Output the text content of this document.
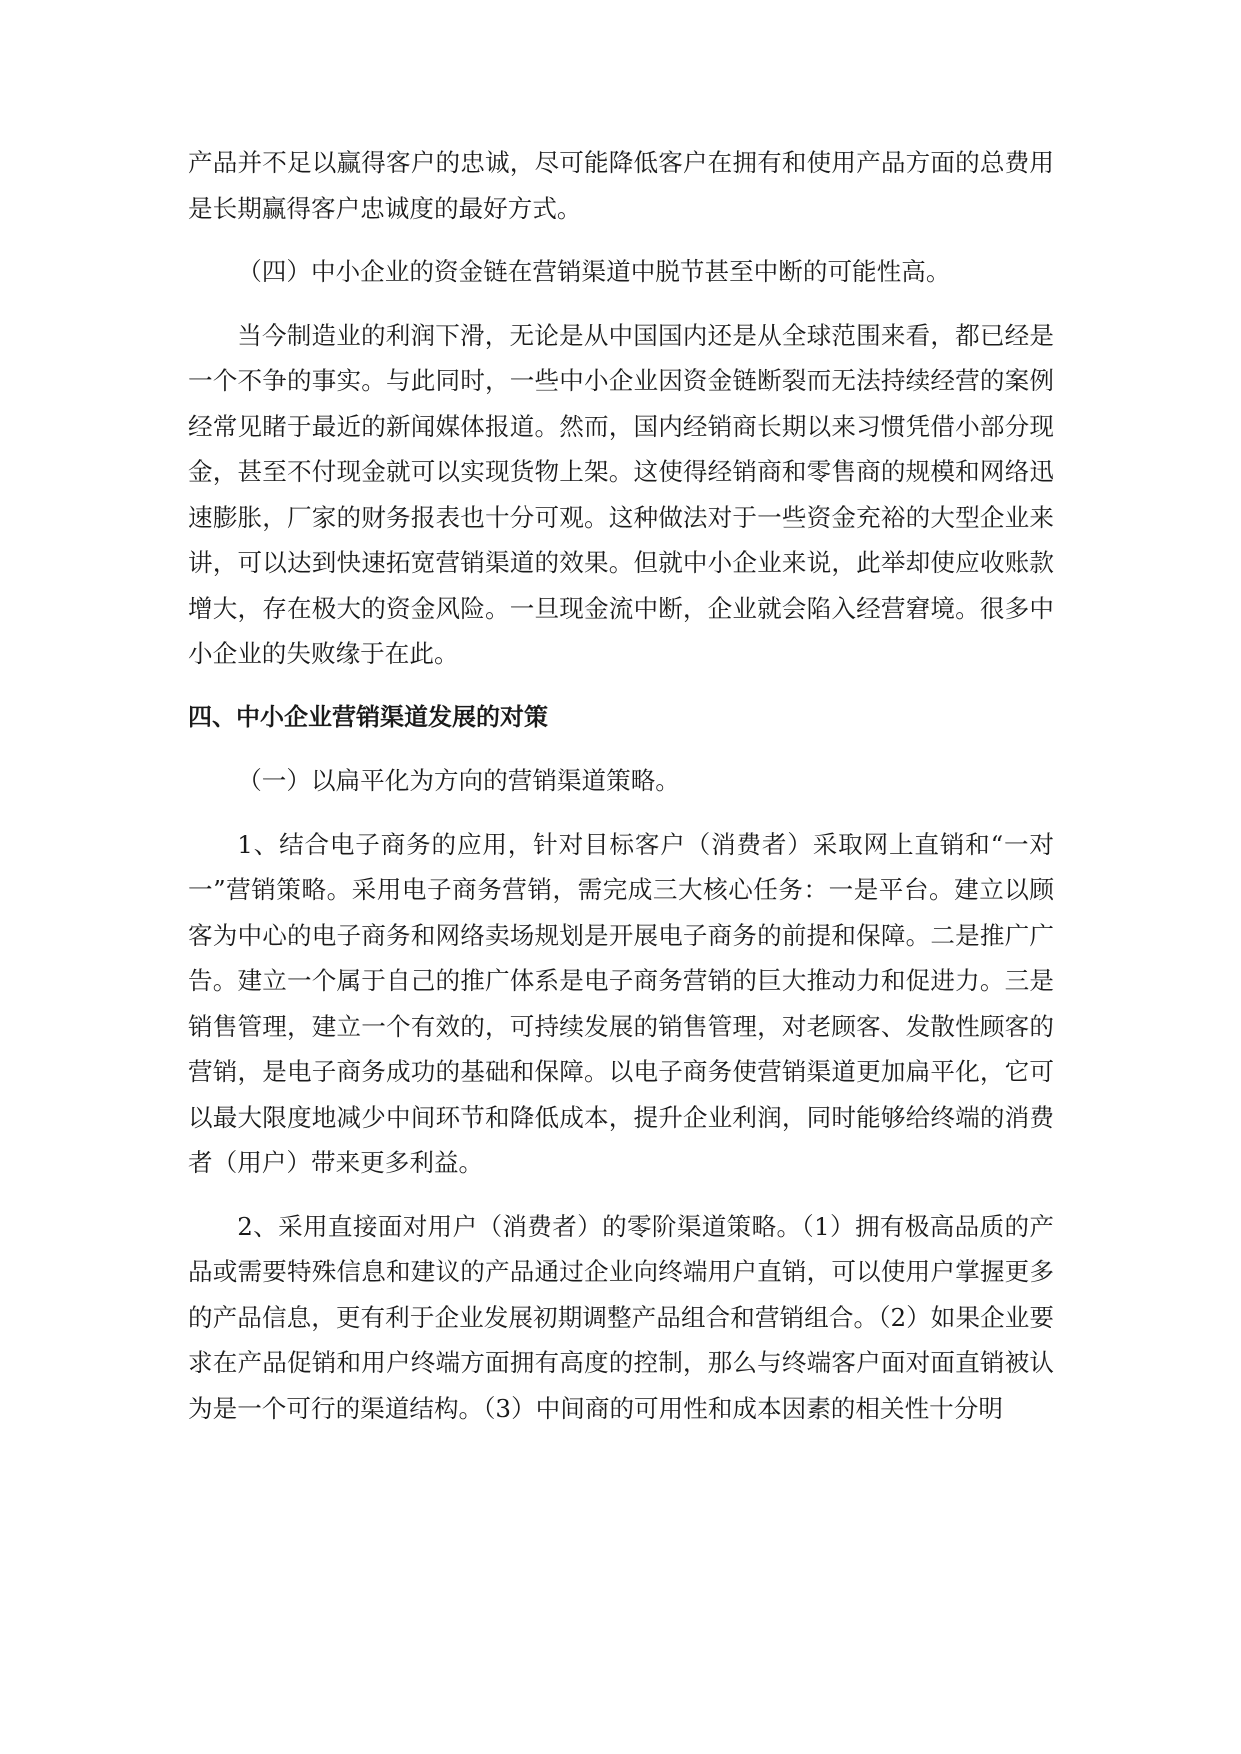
产品并不足以赢得客户的忠诚，尽可能降低客户在拥有和使用产品方面的总费用是长期赢得客户忠诚度的最好方式。

（四）中小企业的资金链在营销渠道中脱节甚至中断的可能性高。

当今制造业的利润下滑，无论是从中国国内还是从全球范围来看，都已经是一个不争的事实。与此同时，一些中小企业因资金链断裂而无法持续经营的案例经常见睹于最近的新闻媒体报道。然而，国内经销商长期以来习惯凭借小部分现金，甚至不付现金就可以实现货物上架。这使得经销商和零售商的规模和网络迅速膨胀，厂家的财务报表也十分可观。这种做法对于一些资金充裕的大型企业来讲，可以达到快速拓宽营销渠道的效果。但就中小企业来说，此举却使应收账款增大，存在极大的资金风险。一旦现金流中断，企业就会陷入经营窘境。很多中小企业的失败缘于在此。

四、中小企业营销渠道发展的对策

（一）以扁平化为方向的营销渠道策略。

1、结合电子商务的应用，针对目标客户（消费者）采取网上直销和“一对一”营销策略。采用电子商务营销，需完成三大核心任务：一是平台。建立以顾客为中心的电子商务和网络卖场规划是开展电子商务的前提和保障。二是推广广告。建立一个属于自己的推广体系是电子商务营销的巨大推动力和促进力。三是销售管理，建立一个有效的，可持续发展的销售管理，对老顾客、发散性顾客的营销，是电子商务成功的基础和保障。以电子商务使营销渠道更加扁平化，它可以最大限度地减少中间环节和降低成本，提升企业利润，同时能够给终端的消费者（用户）带来更多利益。

2、采用直接面对用户（消费者）的零阶渠道策略。（1）拥有极高品质的产品或需要特殊信息和建议的产品通过企业向终端用户直销，可以使用户掌握更多的产品信息，更有利于企业发展初期调整产品组合和营销组合。（2）如果企业要求在产品促销和用户终端方面拥有高度的控制，那么与终端客户面对面直销被认为是一个可行的渠道结构。（3）中间商的可用性和成本因素的相关性十分明
